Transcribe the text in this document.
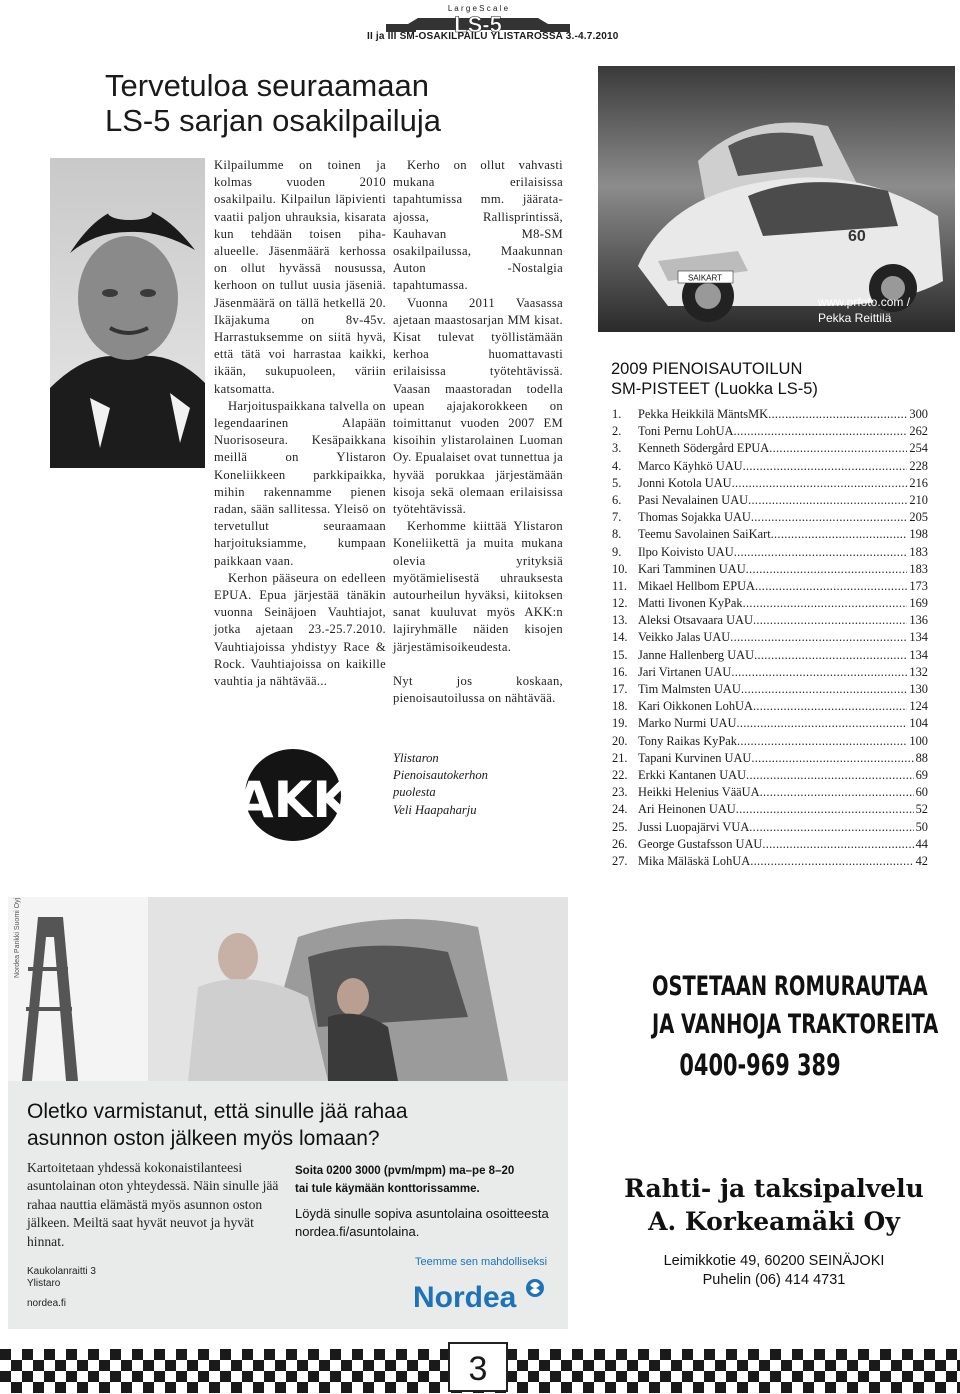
L a r g e S c a l e
LS-5
II ja III SM-OSAKILPAILU YLISTAROSSA 3.-4.7.2010
Tervetuloa seuraamaan
LS-5 sarjan osakilpailuja

Kilpailumme on toinen ja kolmas vuoden 2010 osakilpailu. Kilpailun läpivienti vaatii paljon uhrauksia, kisarata kun tehdään toisen piha-alueelle. Jäsenmäärä kerhossa on ollut hyvässä nousussa, kerhoon on tullut uusia jäseniä. Jäsenmäärä on tällä hetkellä 20. Ikäjakuma on 8v-45v. Harrastuksemme on siitä hyvä, että tätä voi harrastaa kaikki, ikään, sukupuoleen, väriin katsomatta.

Harjoituspaikkana talvella on legendaarinen Alapään Nuorisoseura. Kesäpaikkana meillä on Ylistaron Koneliikkeen parkkipaikka, mihin rakennamme pienen radan, sään sallitessa. Yleisö on tervetullut seuraamaan harjoituksiamme, kumpaan paikkaan vaan.

Kerhon pääseura on edelleen EPUA. Epua järjestää tänäkin vuonna Seinäjoen Vauhtiajot, jotka ajetaan 23.-25.7.2010. Vauhtiajoissa yhdistyy Race & Rock. Vauhtiajoissa on kaikille vauhtia ja nähtävää...

Kerho on ollut vahvasti mukana erilaisissa tapahtumissa mm. jäärata-ajossa, Rallisprintissä, Kauhavan M8-SM osakilpailussa, Maakunnan Auton -Nostalgia tapahtumassa.

Vuonna 2011 Vaasassa ajetaan maastosarjan MM kisat. Kisat tulevat työllistämään kerhoa huomattavasti erilaisissa työtehtävissä. Vaasan maastoradan todella upean ajajakorokkeen on toimittanut vuoden 2007 EM kisoihin ylistarolainen Luoman Oy. Epualaiset ovat tunnettua ja hyvää porukkaa järjestämään kisoja sekä olemaan erilaisissa työtehtävissä.

Kerhomme kiittää Ylistaron Koneliikettä ja muita mukana olevia yrityksiä myötämielisestä uhrauksesta autourheilun hyväksi, kiitoksen sanat kuuluvat myös AKK:n lajiryhmälle näiden kisojen järjestämisoikeudesta.

Nyt jos koskaan, pienoisautoilussa on nähtävää.

Ylistaron
Pienoisautokerhon
puolesta
Veli Haapaharju
AKK
SAIKART
60
www.prfoto.com /
Pekka Reittilä
2009 PIENOISAUTOILUN
SM-PISTEET (Luokka LS-5)
1.	Pekka Heikkilä MäntsMK .....	300
2.	Toni Pernu LohUA .....	262
3.	Kenneth Södergård EPUA .....	254
4.	Marco Käyhkö UAU .....	228
5.	Jonni Kotola UAU .....	216
6.	Pasi Nevalainen UAU .....	210
7.	Thomas Sojakka UAU .....	205
8.	Teemu Savolainen SaiKart .....	198
9.	Ilpo Koivisto UAU .....	183
10. Kari Tamminen UAU .....	183
11. Mikael Hellbom EPUA .....	173
12. Matti Iivonen KyPak .....	169
13. Aleksi Otsavaara UAU .....	136
14. Veikko Jalas UAU .....	134
15. Janne Hallenberg UAU .....	134
16. Jari Virtanen UAU .....	132
17. Tim Malmsten UAU .....	130
18. Kari Oikkonen LohUA .....	124
19. Marko Nurmi UAU .....	104
20. Tony Raikas KyPak .....	100
21. Tapani Kurvinen UAU .....	88
22. Erkki Kantanen UAU .....	69
23. Heikki Helenius VääUA .....	60
24. Ari Heinonen UAU .....	52
25. Jussi Luopajärvi VUA .....	50
26. George Gustafsson UAU .....	44
27. Mika Mäläskä LohUA .....	42
Nordea Pankki Suomi Oyj
Oletko varmistanut, että sinulle jää rahaa
asunnon oston jälkeen myös lomaan?
Kartoitetaan yhdessä kokonaistilanteesi asuntolainan oton yhteydessä. Näin sinulle jää rahaa nauttia elämästä myös asunnon oston jälkeen. Meiltä saat hyvät neuvot ja hyvät hinnat.
Kaukolanraitti 3
Ylistaro
nordea.fi
Soita 0200 3000 (pvm/mpm) ma–pe 8–20
tai tule käymään konttorissamme.
Löydä sinulle sopiva asuntolaina osoitteesta nordea.fi/asuntolaina.
Teemme sen mahdolliseksi
Nordea
OSTETAAN ROMURAUTAA
JA VANHOJA TRAKTOREITA
0400-969 389
Rahti- ja taksipalvelu
A. Korkeamäki Oy
Leimikkotie 49, 60200 SEINÄJOKI
Puhelin (06) 414 4731
3
